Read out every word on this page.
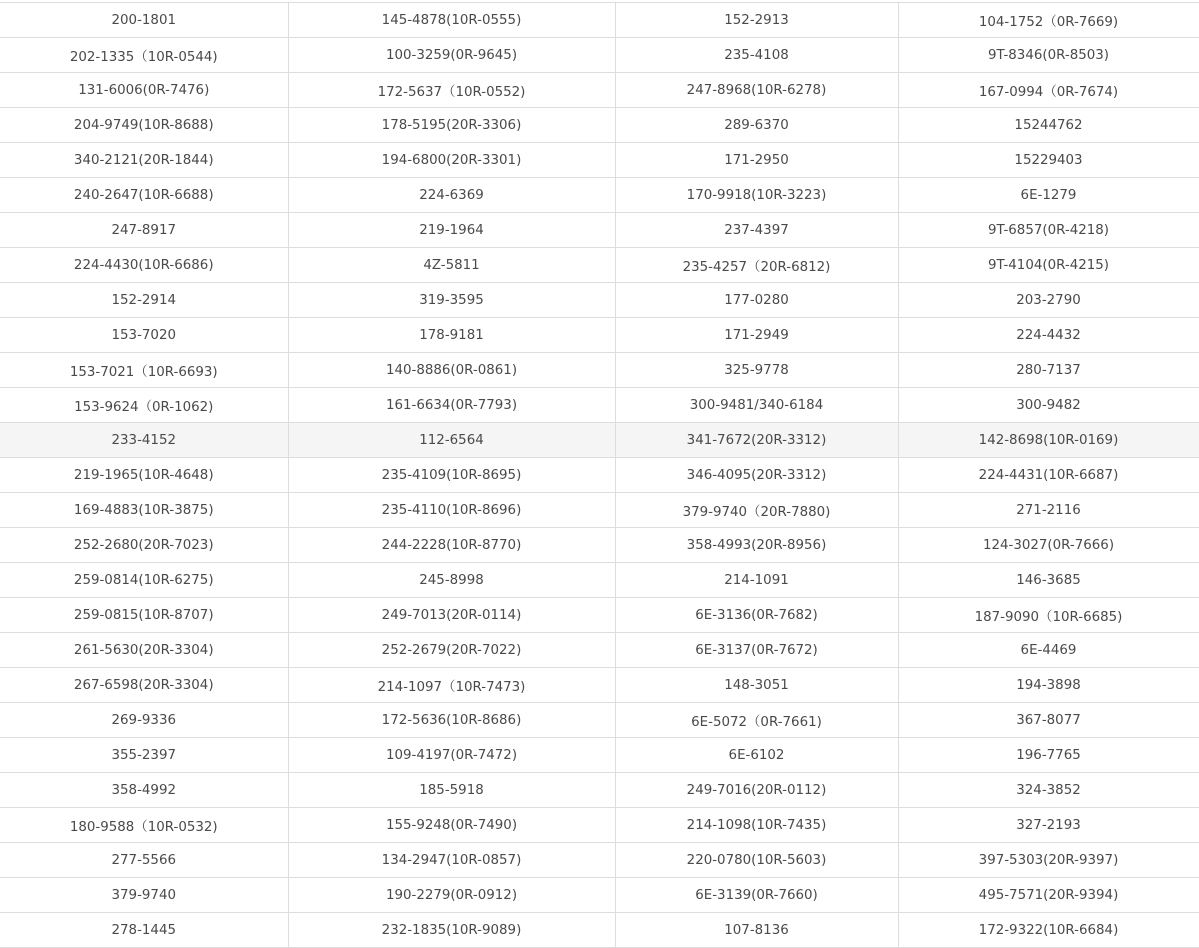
200-1801	145-4878(10R-0555)	152-2913	104-1752（0R-7669)
202-1335（10R-0544)	100-3259(0R-9645)	235-4108	9T-8346(0R-8503)
131-6006(0R-7476)	172-5637（10R-0552)	247-8968(10R-6278)	167-0994（0R-7674)
204-9749(10R-8688)	178-5195(20R-3306)	289-6370	15244762
340-2121(20R-1844)	194-6800(20R-3301)	171-2950	15229403
240-2647(10R-6688)	224-6369	170-9918(10R-3223)	6E-1279
247-8917	219-1964	237-4397	9T-6857(0R-4218)
224-4430(10R-6686)	4Z-5811	235-4257（20R-6812)	9T-4104(0R-4215)
152-2914	319-3595	177-0280	203-2790
153-7020	178-9181	171-2949	224-4432
153-7021（10R-6693)	140-8886(0R-0861)	325-9778	280-7137
153-9624（0R-1062)	161-6634(0R-7793)	300-9481/340-6184	300-9482
233-4152	112-6564	341-7672(20R-3312)	142-8698(10R-0169)
219-1965(10R-4648)	235-4109(10R-8695)	346-4095(20R-3312)	224-4431(10R-6687)
169-4883(10R-3875)	235-4110(10R-8696)	379-9740（20R-7880)	271-2116
252-2680(20R-7023)	244-2228(10R-8770)	358-4993(20R-8956)	124-3027(0R-7666)
259-0814(10R-6275)	245-8998	214-1091	146-3685
259-0815(10R-8707)	249-7013(20R-0114)	6E-3136(0R-7682)	187-9090（10R-6685)
261-5630(20R-3304)	252-2679(20R-7022)	6E-3137(0R-7672)	6E-4469
267-6598(20R-3304)	214-1097（10R-7473)	148-3051	194-3898
269-9336	172-5636(10R-8686)	6E-5072（0R-7661)	367-8077
355-2397	109-4197(0R-7472)	6E-6102	196-7765
358-4992	185-5918	249-7016(20R-0112)	324-3852
180-9588（10R-0532)	155-9248(0R-7490)	214-1098(10R-7435)	327-2193
277-5566	134-2947(10R-0857)	220-0780(10R-5603)	397-5303(20R-9397)
379-9740	190-2279(0R-0912)	6E-3139(0R-7660)	495-7571(20R-9394)
278-1445	232-1835(10R-9089)	107-8136	172-9322(10R-6684)
